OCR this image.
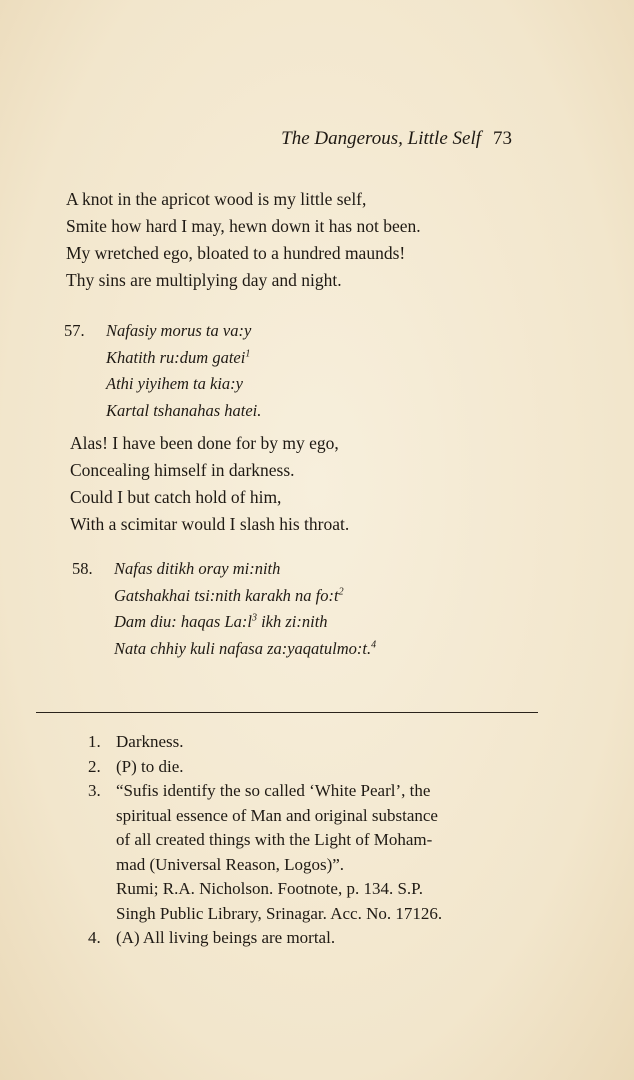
The Dangerous, Little Self 73
A knot in the apricot wood is my little self,
Smite how hard I may, hewn down it has not been.
My wretched ego, bloated to a hundred maunds!
Thy sins are multiplying day and night.
57. Nafasiy morus ta va:y
Khatith ru:dum gatei$^1$
Athi yiyihem ta kia:y
Kartal tshanahas hatei.
Alas! I have been done for by my ego,
Concealing himself in darkness.
Could I but catch hold of him,
With a scimitar would I slash his throat.
58. Nafas ditikh oray mi:nith
Gatshakhai tsi:nith karakh na $fo:t^2$
Dam diu: haqas $La:l^3$ ikh zi:nith
Nata chhiy kuli nafasa za:yaqatulmo:t.$^4$
1. Darkness.
2. (P) to die.
3. “Sufis identify the so called ‘White Pearl’, the
spiritual essence of Man and original substance
of all created things with the Light of Moham-
mad (Universal Reason, Logos)”.
Rumi; R.A. Nicholson. Footnote, p. 134. S.P.
Singh Public Library, Srinagar. Acc. No. 17126.
4. (A) All living beings are mortal.
